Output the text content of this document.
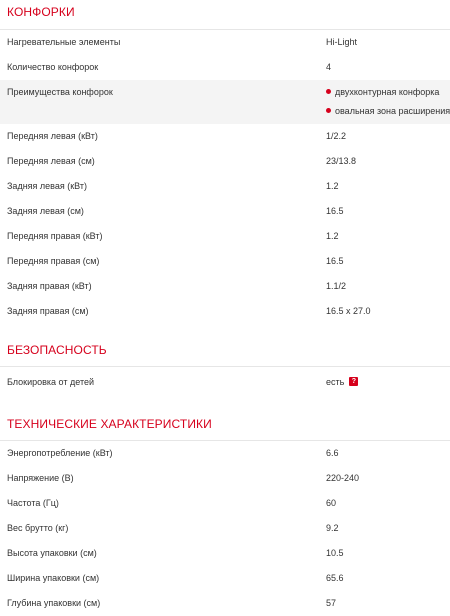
КОНФОРКИ
Нагревательные элементы	Hi-Light
Количество конфорок	4
Преимущества конфорок	двухконтурная конфорка
овальная зона расширения
Передняя левая (кВт)	1/2.2
Передняя левая (см)	23/13.8
Задняя левая (кВт)	1.2
Задняя левая (см)	16.5
Передняя правая (кВт)	1.2
Передняя правая (см)	16.5
Задняя правая (кВт)	1.1/2
Задняя правая (см)	16.5 x 27.0
БЕЗОПАСНОСТЬ
Блокировка от детей	есть ?
ТЕХНИЧЕСКИЕ ХАРАКТЕРИСТИКИ
Энергопотребление (кВт)	6.6
Напряжение (В)	220-240
Частота (Гц)	60
Вес брутто (кг)	9.2
Высота упаковки (см)	10.5
Ширина упаковки (см)	65.6
Глубина упаковки (см)	57
